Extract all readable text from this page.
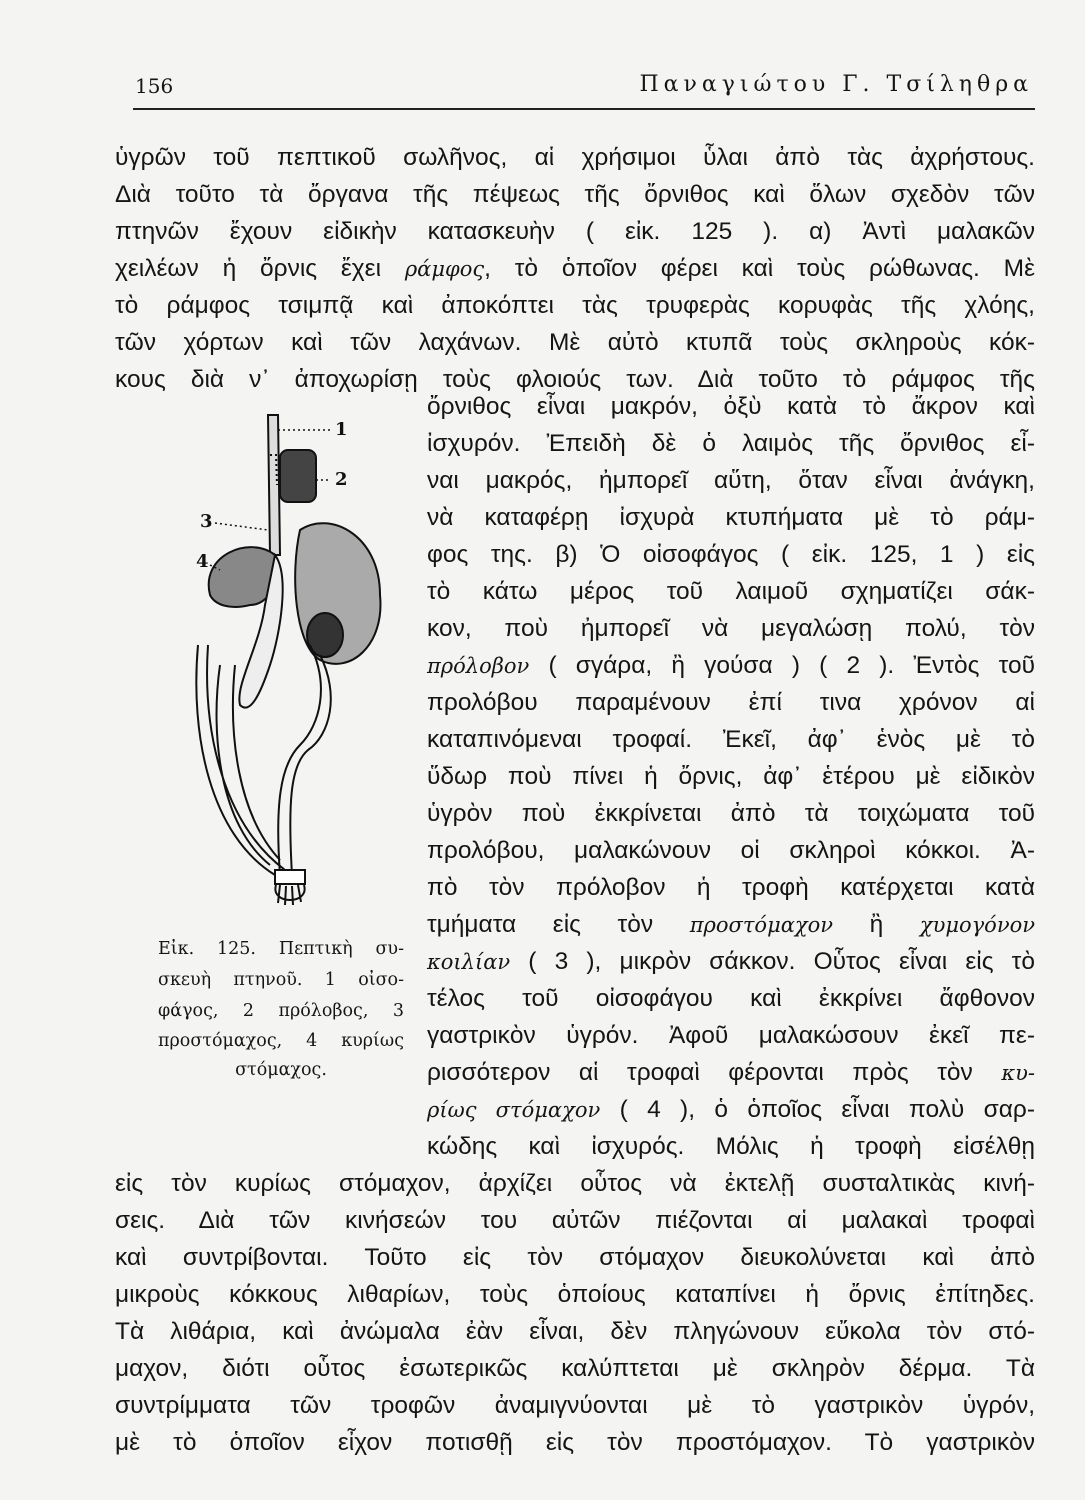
156	Παναγιώτου Γ. Τσίληθρα
ὑγρῶν τοῦ πεπτικοῦ σωλῆνος, αἱ χρήσιμοι ὗλαι ἀπὸ τὰς ἀχρήστους.
Διὰ τοῦτο τὰ ὄργανα τῆς πέψεως τῆς ὄρνιθος καὶ ὅλων σχεδὸν τῶν
πτηνῶν ἔχουν εἰδικὴν κατασκευὴν ( εἰκ. 125 ). α) Ἀντὶ μαλακῶν
χειλέων ἡ ὄρνις ἔχει ράμφος, τὸ ὁποῖον φέρει καὶ τοὺς ρώθωνας. Μὲ
τὸ ράμφος τσιμπᾷ καὶ ἀποκόπτει τὰς τρυφερὰς κορυφὰς τῆς χλόης,
τῶν χόρτων καὶ τῶν λαχάνων. Μὲ αὐτὸ κτυπᾶ τοὺς σκληροὺς κόκ-
κους διὰ ν᾽ ἀποχωρίσῃ τοὺς φλοιούς των. Διὰ τοῦτο τὸ ράμφος τῆς
ὄρνιθος εἶναι μακρόν, ὀξὺ κατὰ τὸ ἄκρον καὶ
ἰσχυρόν. Ἐπειδὴ δὲ ὁ λαιμὸς τῆς ὄρνιθος εἶ-
ναι μακρός, ἠμπορεῖ αὕτη, ὅταν εἶναι ἀνάγκη,
νὰ καταφέρῃ ἰσχυρὰ κτυπήματα μὲ τὸ ράμ-
φος της. β) Ὁ οἰσοφάγος ( εἰκ. 125, 1 ) εἰς
τὸ κάτω μέρος τοῦ λαιμοῦ σχηματίζει σάκ-
κον, ποὺ ἠμπορεῖ νὰ μεγαλώσῃ πολύ, τὸν
πρόλοβον ( σγάρα, ἢ γούσα ) ( 2 ). Ἐντὸς τοῦ
προλόβου παραμένουν ἐπί τινα χρόνον αἱ
καταπινόμεναι τροφαί. Ἐκεῖ, ἀφ᾽ ἑνὸς μὲ τὸ
ὕδωρ ποὺ πίνει ἡ ὄρνις, ἀφ᾽ ἑτέρου μὲ εἰδικὸν
ὑγρὸν ποὺ ἐκκρίνεται ἀπὸ τὰ τοιχώματα τοῦ
προλόβου, μαλακώνουν οἱ σκληροὶ κόκκοι. Ἀ-
πὸ τὸν πρόλοβον ἡ τροφὴ κατέρχεται κατὰ
τμήματα εἰς τὸν προστόμαχον ἢ χυμογόνον
κοιλίαν ( 3 ), μικρὸν σάκκον. Οὗτος εἶναι εἰς τὸ
τέλος τοῦ οἰσοφάγου καὶ ἐκκρίνει ἄφθονον
γαστρικὸν ὑγρόν. Ἀφοῦ μαλακώσουν ἐκεῖ πε-
ρισσότερον αἱ τροφαὶ φέρονται πρὸς τὸν κυ-
ρίως στόμαχον ( 4 ), ὁ ὁποῖος εἶναι πολὺ σαρ-
κώδης καὶ ἰσχυρός. Μόλις ἡ τροφὴ εἰσέλθῃ
εἰς τὸν κυρίως στόμαχον, ἀρχίζει οὗτος νὰ ἐκτελῇ συσταλτικὰς κινή-
σεις. Διὰ τῶν κινήσεών του αὐτῶν πιέζονται αἱ μαλακαὶ τροφαὶ
καὶ συντρίβονται. Τοῦτο εἰς τὸν στόμαχον διευκολύνεται καὶ ἀπὸ
μικροὺς κόκκους λιθαρίων, τοὺς ὁποίους καταπίνει ἡ ὄρνις ἐπίτηδες.
Τὰ λιθάρια, καὶ ἀνώμαλα ἐὰν εἶναι, δὲν πληγώνουν εὔκολα τὸν στό-
μαχον, διότι οὗτος ἐσωτερικῶς καλύπτεται μὲ σκληρὸν δέρμα. Τὰ
συντρίμματα τῶν τροφῶν ἀναμιγνύονται μὲ τὸ γαστρικὸν ὑγρόν,
μὲ τὸ ὁποῖον εἶχον ποτισθῇ εἰς τὸν προστόμαχον. Τὸ γαστρικὸν
1
2
3
4
Εἰκ. 125. Πεπτικὴ συ-
σκευὴ πτηνοῦ. 1 οἰσο-
φάγος, 2 πρόλοβος, 3
προστόμαχος, 4 κυρίως
στόμαχος.
